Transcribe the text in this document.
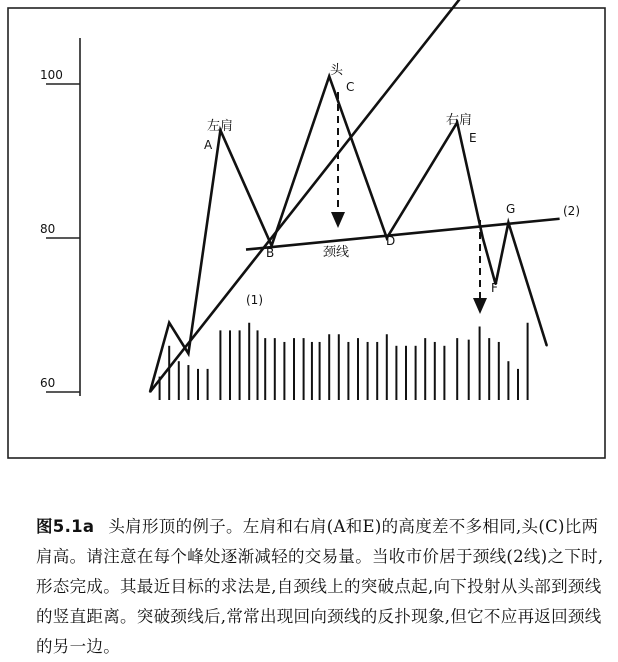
100
80
60
左肩
头
右肩
颈线
A
B
C
D
E
F
G
(1)
(2)
图5.1a 头肩形顶的例子。左肩和右肩(A和E)的高度差不多相同,头(C)比两肩高。请注意在每个峰处逐渐减轻的交易量。当收市价居于颈线(2线)之下时,形态完成。其最近目标的求法是,自颈线上的突破点起,向下投射从头部到颈线的竖直距离。突破颈线后,常常出现回向颈线的反扑现象,但它不应再返回颈线的另一边。
